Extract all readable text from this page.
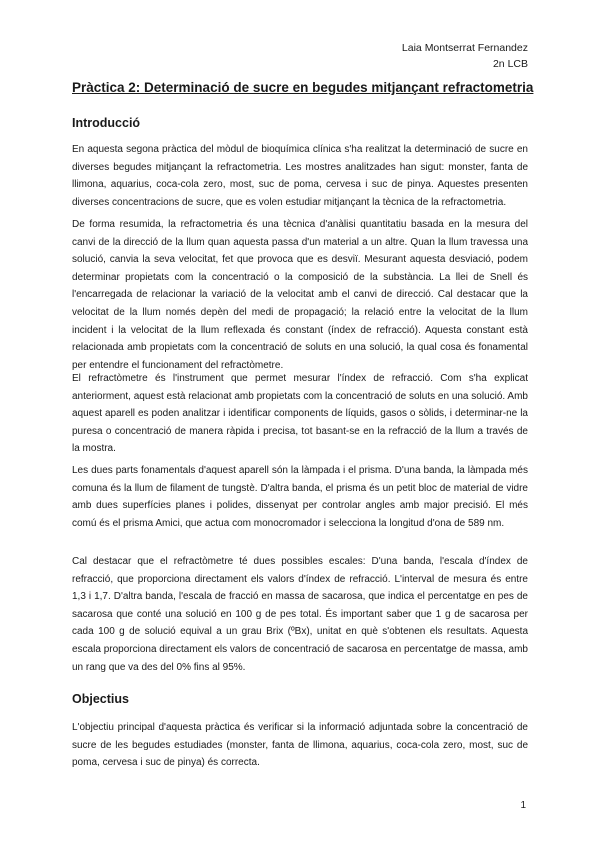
Laia Montserrat Fernandez
2n LCB
Pràctica 2: Determinació de sucre en begudes mitjançant refractometria
Introducció

En aquesta segona pràctica del mòdul de bioquímica clínica s'ha realitzat la determinació de sucre en diverses begudes mitjançant la refractometria. Les mostres analitzades han sigut: monster, fanta de llimona, aquarius, coca-cola zero, most, suc de poma, cervesa i suc de pinya. Aquestes presenten diverses concentracions de sucre, que es volen estudiar mitjançant la tècnica de la refractometria.

De forma resumida, la refractometria és una tècnica d'anàlisi quantitatiu basada en la mesura del canvi de la direcció de la llum quan aquesta passa d'un material a un altre. Quan la llum travessa una solució, canvia la seva velocitat, fet que provoca que es desviï. Mesurant aquesta desviació, podem determinar propietats com la concentració o la composició de la substància. La llei de Snell és l'encarregada de relacionar la variació de la velocitat amb el canvi de direcció. Cal destacar que la velocitat de la llum només depèn del medi de propagació; la relació entre la velocitat de la llum incident i la velocitat de la llum reflexada és constant (índex de refracció). Aquesta constant està relacionada amb propietats com la concentració de soluts en una solució, la qual cosa és fonamental per entendre el funcionament del refractòmetre.

El refractòmetre és l'instrument que permet mesurar l'índex de refracció. Com s'ha explicat anteriorment, aquest està relacionat amb propietats com la concentració de soluts en una solució. Amb aquest aparell es poden analitzar i identificar components de líquids, gasos o sòlids, i determinar-ne la puresa o concentració de manera ràpida i precisa, tot basant-se en la refracció de la llum a través de la mostra.

Les dues parts fonamentals d'aquest aparell són la làmpada i el prisma. D'una banda, la làmpada més comuna és la llum de filament de tungstè. D'altra banda, el prisma és un petit bloc de material de vidre amb dues superfícies planes i polides, dissenyat per controlar angles amb major precisió. El més comú és el prisma Amici, que actua com monocromador i selecciona la longitud d'ona de 589 nm.

Cal destacar que el refractòmetre té dues possibles escales: D'una banda, l'escala d'índex de refracció, que proporciona directament els valors d'índex de refracció. L'interval de mesura és entre 1,3 i 1,7. D'altra banda, l'escala de fracció en massa de sacarosa, que indica el percentatge en pes de sacarosa que conté una solució en 100 g de pes total. És important saber que 1 g de sacarosa per cada 100 g de solució equival a un grau Brix (ºBx), unitat en què s'obtenen els resultats. Aquesta escala proporciona directament els valors de concentració de sacarosa en percentatge de massa, amb un rang que va des del 0% fins al 95%.

Objectius

L'objectiu principal d'aquesta pràctica és verificar si la informació adjuntada sobre la concentració de sucre de les begudes estudiades (monster, fanta de llimona, aquarius, coca-cola zero, most, suc de poma, cervesa i suc de pinya) és correcta.

1
